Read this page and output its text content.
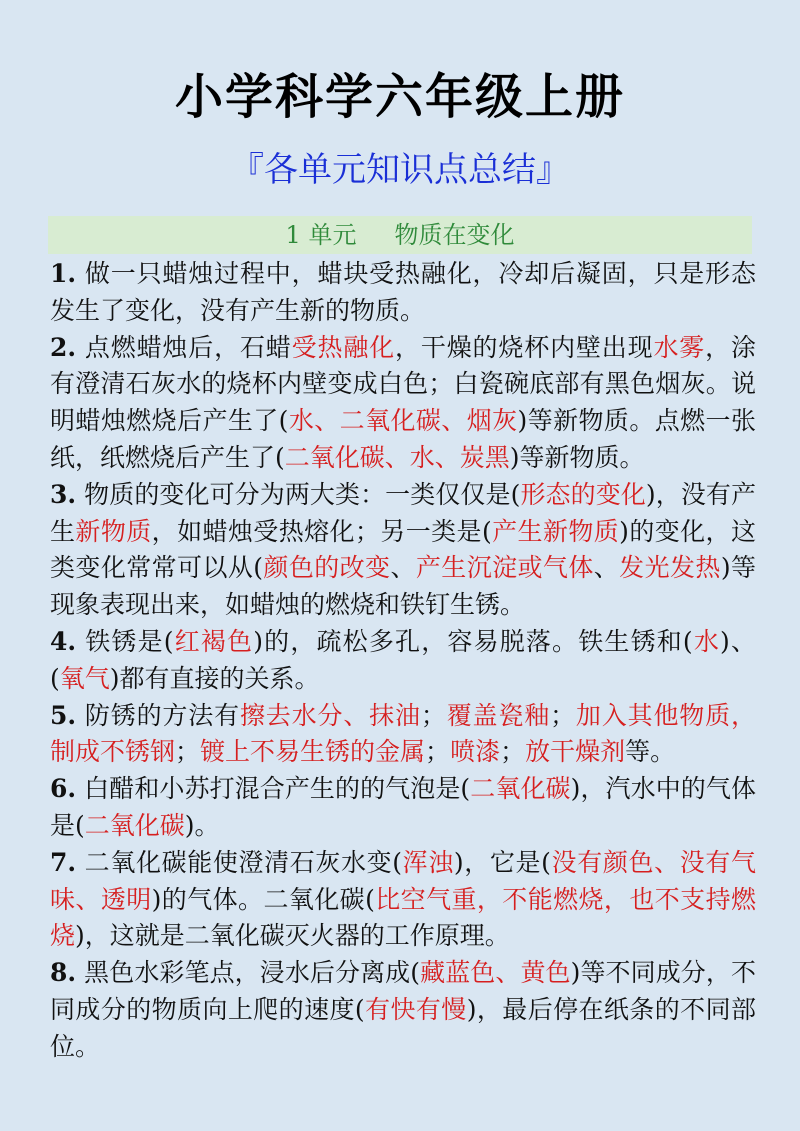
小学科学六年级上册
『各单元知识点总结』
1 单元 物质在变化

1. 做一只蜡烛过程中，蜡块受热融化，冷却后凝固，只是形态发生了变化，没有产生新的物质。

2. 点燃蜡烛后，石蜡受热融化，干燥的烧杯内壁出现水雾，涂有澄清石灰水的烧杯内壁变成白色；白瓷碗底部有黑色烟灰。说明蜡烛燃烧后产生了(水、二氧化碳、烟灰)等新物质。点燃一张纸，纸燃烧后产生了(二氧化碳、水、炭黑)等新物质。

3. 物质的变化可分为两大类：一类仅仅是(形态的变化)，没有产生新物质，如蜡烛受热熔化；另一类是(产生新物质)的变化，这类变化常常可以从(颜色的改变、产生沉淀或气体、发光发热)等现象表现出来，如蜡烛的燃烧和铁钉生锈。

4. 铁锈是(红褐色)的，疏松多孔，容易脱落。铁生锈和(水)、(氧气)都有直接的关系。

5. 防锈的方法有擦去水分、抹油；覆盖瓷釉；加入其他物质，制成不锈钢；镀上不易生锈的金属；喷漆；放干燥剂等。

6. 白醋和小苏打混合产生的的气泡是(二氧化碳)，汽水中的气体是(二氧化碳)。

7. 二氧化碳能使澄清石灰水变(浑浊)，它是(没有颜色、没有气味、透明)的气体。二氧化碳(比空气重，不能燃烧，也不支持燃烧)，这就是二氧化碳灭火器的工作原理。

8. 黑色水彩笔点，浸水后分离成(藏蓝色、黄色)等不同成分，不同成分的物质向上爬的速度(有快有慢)，最后停在纸条的不同部位。
